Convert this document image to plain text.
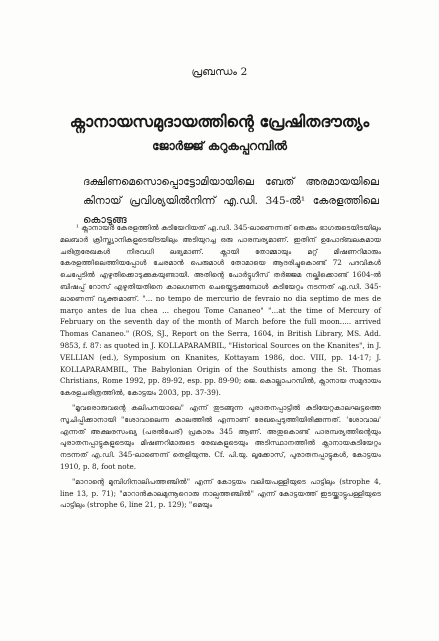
പ്രബന്ധം 2
ക്നാനായസമുദായത്തിന്റെ പ്രേഷിതദൗത്യം
ജോർജ്ജ് കറുകപ്പറമ്പിൽ
ദക്ഷിണമെസൊപ്പൊട്ടോമിയായിലെ ബേത് അരമായയിലെ കിനായ് പ്രവിശ്യയിൽനിന്ന് എ.ഡി. 345-ൽ¹ കേരളത്തിലെ കൊടുങ്ങ

¹ ക്നാനായർ കേരളത്തിൽ കുടിയേറിയത് എ.ഡി. 345-ലാണെന്നത് തെക്കും ഭാഗരുടെയിടയിലും മലബാർ ക്രിസ്ത്യാനികളുടെയിടയിലും അടിയുറച്ച ഒരു പാരമ്പര്യമാണ്. ഇതിന് ഉപോദ്ബലകമായ ചരിത്രരേഖകൾ നിരവധി ലഭ്യമാണ്. ക്നായി തോമ്മായും മറ്റ് മിഷണറിമാരും കേരളത്തിലെത്തിയപ്പോൾ ചേരമാൻ പെരുമാൾ തോമായെ ആദരിച്ചുകൊണ്ട് 72 പദവികൾ ചെപ്പേടിൽ എഴുതിക്കൊടുക്കുകയുണ്ടായി. അതിന്റെ പോർട്ടുഗീസ് തർജ്ജമ നല്കിക്കൊണ്ട് 1604-ൽ ബിഷപ്പ് റോസ് എഴുതിയതിനെ കാലഗണന ചെയ്തെടുക്കുമ്പോൾ കുടിയേറ്റം നടന്നത് എ.ഡി. 345-ലാണെന്ന് വ്യക്തമാണ്. "... no tempo de mercurio de fevraio no dia septimo de mes de março antes de lua chea ... chegou Tome Cananeo" "...at the time of Mercury of February on the seventh day of the month of March before the full moon..... arrived Thomas Cananeo." (ROS, SJ., Report on the Serra, 1604, in British Library, MS. Add. 9853, f. 87: as quoted in J. KOLLAPARAMBIL, "Historical Sources on the Knanites", in J. VELLIAN (ed.), Symposium on Knanites, Kottayam 1986, doc. VIII, pp. 14-17; J. KOLLAPARAMBIL, The Babylonian Origin of the Southists among the St. Thomas Christians, Rome 1992, pp. 89-92, esp. pp. 89-90; ജെ. കൊല്ലാപറമ്പിൽ, ക്നാനായ സമുദായം കേരളചരിത്രത്തിൽ, കോട്ടയം 2003, pp. 37-39).

"മൂവരൊരുവന്റെ കലിപനയാലെ" എന്ന് തുടങ്ങുന്ന പുരാതനപ്പാട്ടിൽ കുടിയേറ്റകാലഘട്ടത്തെ സൂചിപ്പിക്കാനായി "ശോവാലെന്ന കാലത്തിൽ എന്നാണ് രേഖപ്പെടുത്തിയിരിക്കുന്നത്. 'ശോവാല' എന്നത് അക്ഷരസംഖ്യ (പരൽപേര്) പ്രകാരം 345 ആണ്. അതുകൊണ്ട് പാരമ്പര്യത്തിന്റെയും പുരാതനപ്പാട്ടുകളുടെയും മിഷണറിമാരുടെ രേഖകളുടെയും അടിസ്ഥാനത്തിൽ ക്നാനായകുടിയേറ്റം നടന്നത് എ.ഡി. 345-ലാണെന്ന് തെളിയുന്നു. Cf. പി.യു. ലൂക്കോസ്, പുരാതനപ്പാട്ടുകൾ, കോട്ടയം 1910, p. 8, foot note.

"മാറാന്റെ മുമ്പിഗിനാലിപത്തഞ്ചിൽ" എന്ന് കോട്ടയം വലിയപള്ളിയുടെ പാട്ടിലും (strophe 4, line 13, p. 71); "മാറാൻകാലമുന്നൂറൊരു നാല്പത്തഞ്ചിൽ" എന്ന് കോട്ടയത്ത് ഇടയ്ക്കാട്ടുപള്ളിയുടെ പാട്ടിലും (strophe 6, line 21, p. 129); "മെയും
